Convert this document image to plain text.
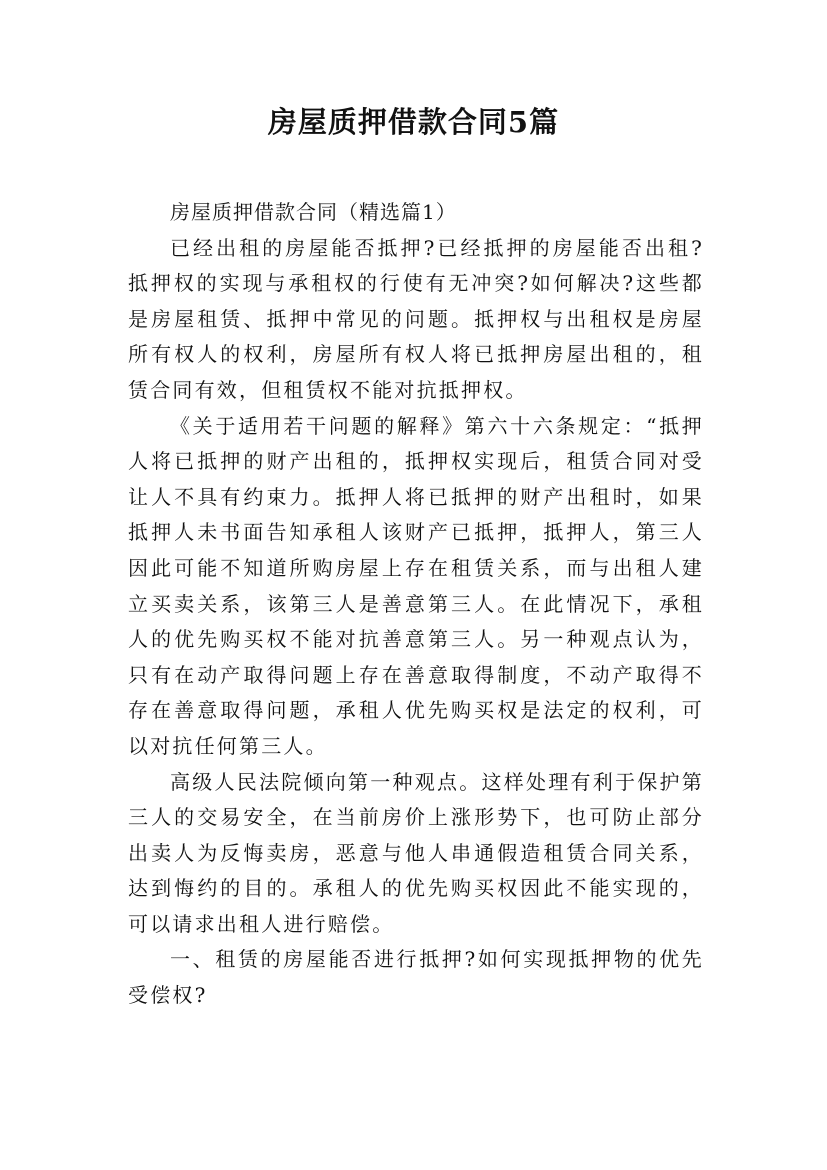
房屋质押借款合同5篇

房屋质押借款合同（精选篇1）

已经出租的房屋能否抵押?已经抵押的房屋能否出租?抵押权的实现与承租权的行使有无冲突?如何解决?这些都是房屋租赁、抵押中常见的问题。抵押权与出租权是房屋所有权人的权利，房屋所有权人将已抵押房屋出租的，租赁合同有效，但租赁权不能对抗抵押权。

《关于适用若干问题的解释》第六十六条规定：“抵押人将已抵押的财产出租的，抵押权实现后，租赁合同对受让人不具有约束力。抵押人将已抵押的财产出租时，如果抵押人未书面告知承租人该财产已抵押，抵押人，第三人因此可能不知道所购房屋上存在租赁关系，而与出租人建立买卖关系，该第三人是善意第三人。在此情况下，承租人的优先购买权不能对抗善意第三人。另一种观点认为，只有在动产取得问题上存在善意取得制度，不动产取得不存在善意取得问题，承租人优先购买权是法定的权利，可以对抗任何第三人。

高级人民法院倾向第一种观点。这样处理有利于保护第三人的交易安全，在当前房价上涨形势下，也可防止部分出卖人为反悔卖房，恶意与他人串通假造租赁合同关系，达到悔约的目的。承租人的优先购买权因此不能实现的，可以请求出租人进行赔偿。

一、租赁的房屋能否进行抵押?如何实现抵押物的优先受偿权?
